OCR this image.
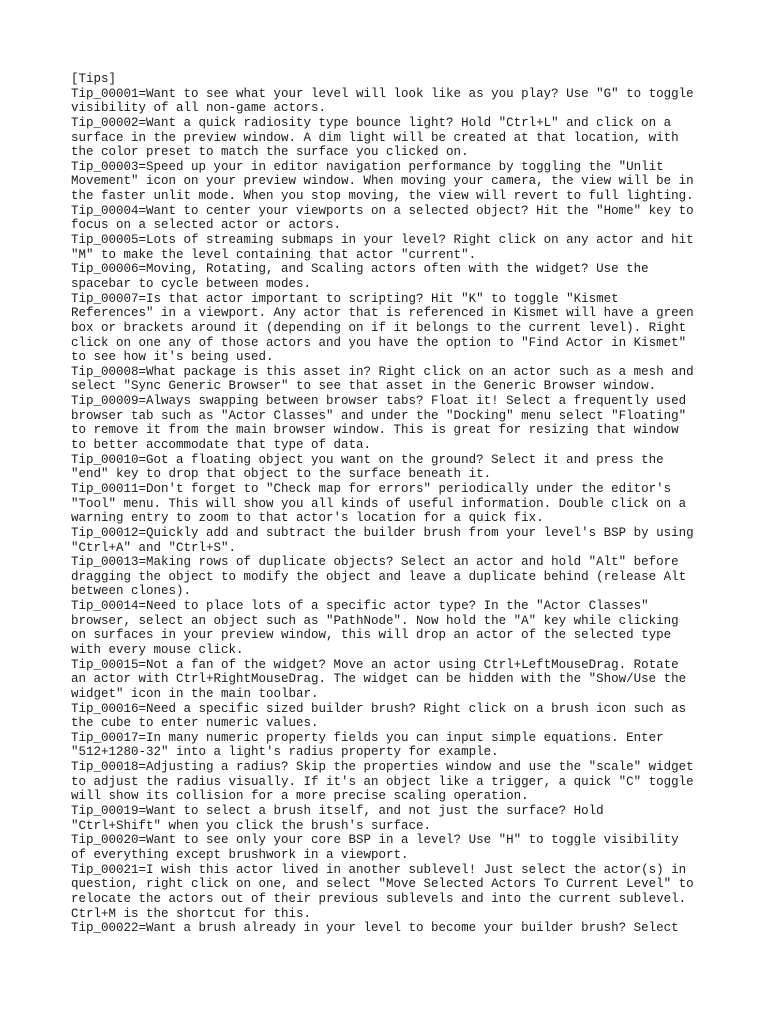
[Tips]
Tip_00001=Want to see what your level will look like as you play? Use "G" to toggle
visibility of all non-game actors.
Tip_00002=Want a quick radiosity type bounce light? Hold "Ctrl+L" and click on a
surface in the preview window. A dim light will be created at that location, with
the color preset to match the surface you clicked on.
Tip_00003=Speed up your in editor navigation performance by toggling the "Unlit
Movement" icon on your preview window. When moving your camera, the view will be in
the faster unlit mode. When you stop moving, the view will revert to full lighting.
Tip_00004=Want to center your viewports on a selected object? Hit the "Home" key to
focus on a selected actor or actors.
Tip_00005=Lots of streaming submaps in your level? Right click on any actor and hit
"M" to make the level containing that actor "current".
Tip_00006=Moving, Rotating, and Scaling actors often with the widget? Use the
spacebar to cycle between modes.
Tip_00007=Is that actor important to scripting? Hit "K" to toggle "Kismet
References" in a viewport. Any actor that is referenced in Kismet will have a green
box or brackets around it (depending on if it belongs to the current level). Right
click on one any of those actors and you have the option to "Find Actor in Kismet"
to see how it's being used.
Tip_00008=What package is this asset in? Right click on an actor such as a mesh and
select "Sync Generic Browser" to see that asset in the Generic Browser window.
Tip_00009=Always swapping between browser tabs? Float it! Select a frequently used
browser tab such as "Actor Classes" and under the "Docking" menu select "Floating"
to remove it from the main browser window. This is great for resizing that window
to better accommodate that type of data.
Tip_00010=Got a floating object you want on the ground? Select it and press the
"end" key to drop that object to the surface beneath it.
Tip_00011=Don't forget to "Check map for errors" periodically under the editor's
"Tool" menu. This will show you all kinds of useful information. Double click on a
warning entry to zoom to that actor's location for a quick fix.
Tip_00012=Quickly add and subtract the builder brush from your level's BSP by using
"Ctrl+A" and "Ctrl+S".
Tip_00013=Making rows of duplicate objects? Select an actor and hold "Alt" before
dragging the object to modify the object and leave a duplicate behind (release Alt
between clones).
Tip_00014=Need to place lots of a specific actor type? In the "Actor Classes"
browser, select an object such as "PathNode". Now hold the "A" key while clicking
on surfaces in your preview window, this will drop an actor of the selected type
with every mouse click.
Tip_00015=Not a fan of the widget? Move an actor using Ctrl+LeftMouseDrag. Rotate
an actor with Ctrl+RightMouseDrag. The widget can be hidden with the "Show/Use the
widget" icon in the main toolbar.
Tip_00016=Need a specific sized builder brush? Right click on a brush icon such as
the cube to enter numeric values.
Tip_00017=In many numeric property fields you can input simple equations. Enter
"512+1280-32" into a light's radius property for example.
Tip_00018=Adjusting a radius? Skip the properties window and use the "scale" widget
to adjust the radius visually. If it's an object like a trigger, a quick "C" toggle
will show its collision for a more precise scaling operation.
Tip_00019=Want to select a brush itself, and not just the surface? Hold
"Ctrl+Shift" when you click the brush's surface.
Tip_00020=Want to see only your core BSP in a level? Use "H" to toggle visibility
of everything except brushwork in a viewport.
Tip_00021=I wish this actor lived in another sublevel! Just select the actor(s) in
question, right click on one, and select "Move Selected Actors To Current Level" to
relocate the actors out of their previous sublevels and into the current sublevel.
Ctrl+M is the shortcut for this.
Tip_00022=Want a brush already in your level to become your builder brush? Select
